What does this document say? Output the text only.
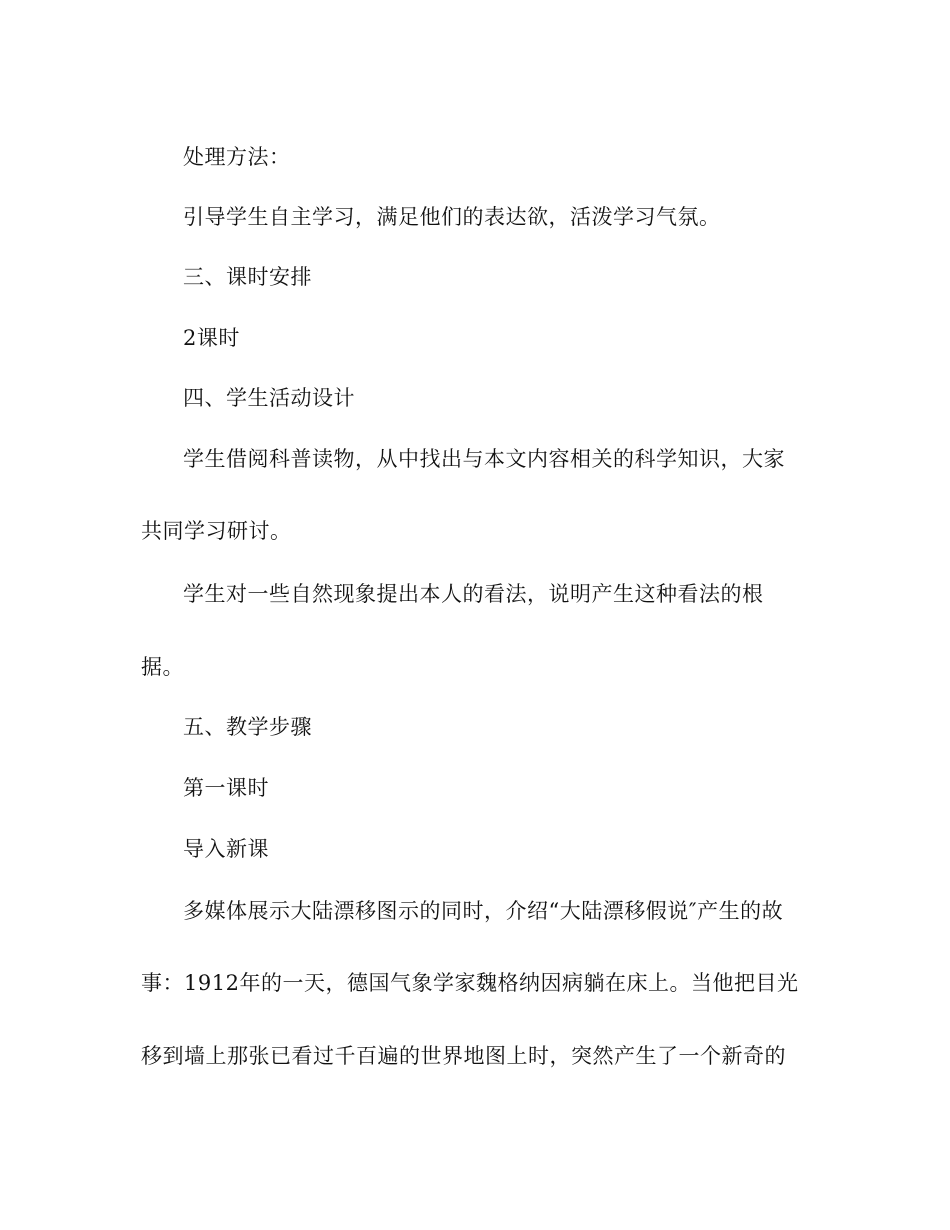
处理方法：
引导学生自主学习，满足他们的表达欲，活泼学习气氛。
三、课时安排
2课时
四、学生活动设计
学生借阅科普读物，从中找出与本文内容相关的科学知识，大家
共同学习研讨。
学生对一些自然现象提出本人的看法，说明产生这种看法的根
据。
五、教学步骤
第一课时
导入新课
多媒体展示大陆漂移图示的同时，介绍“大陆漂移假说″产生的故
事：1912年的一天，德国气象学家魏格纳因病躺在床上。当他把目光
移到墙上那张已看过千百遍的世界地图上时，突然产生了一个新奇的
